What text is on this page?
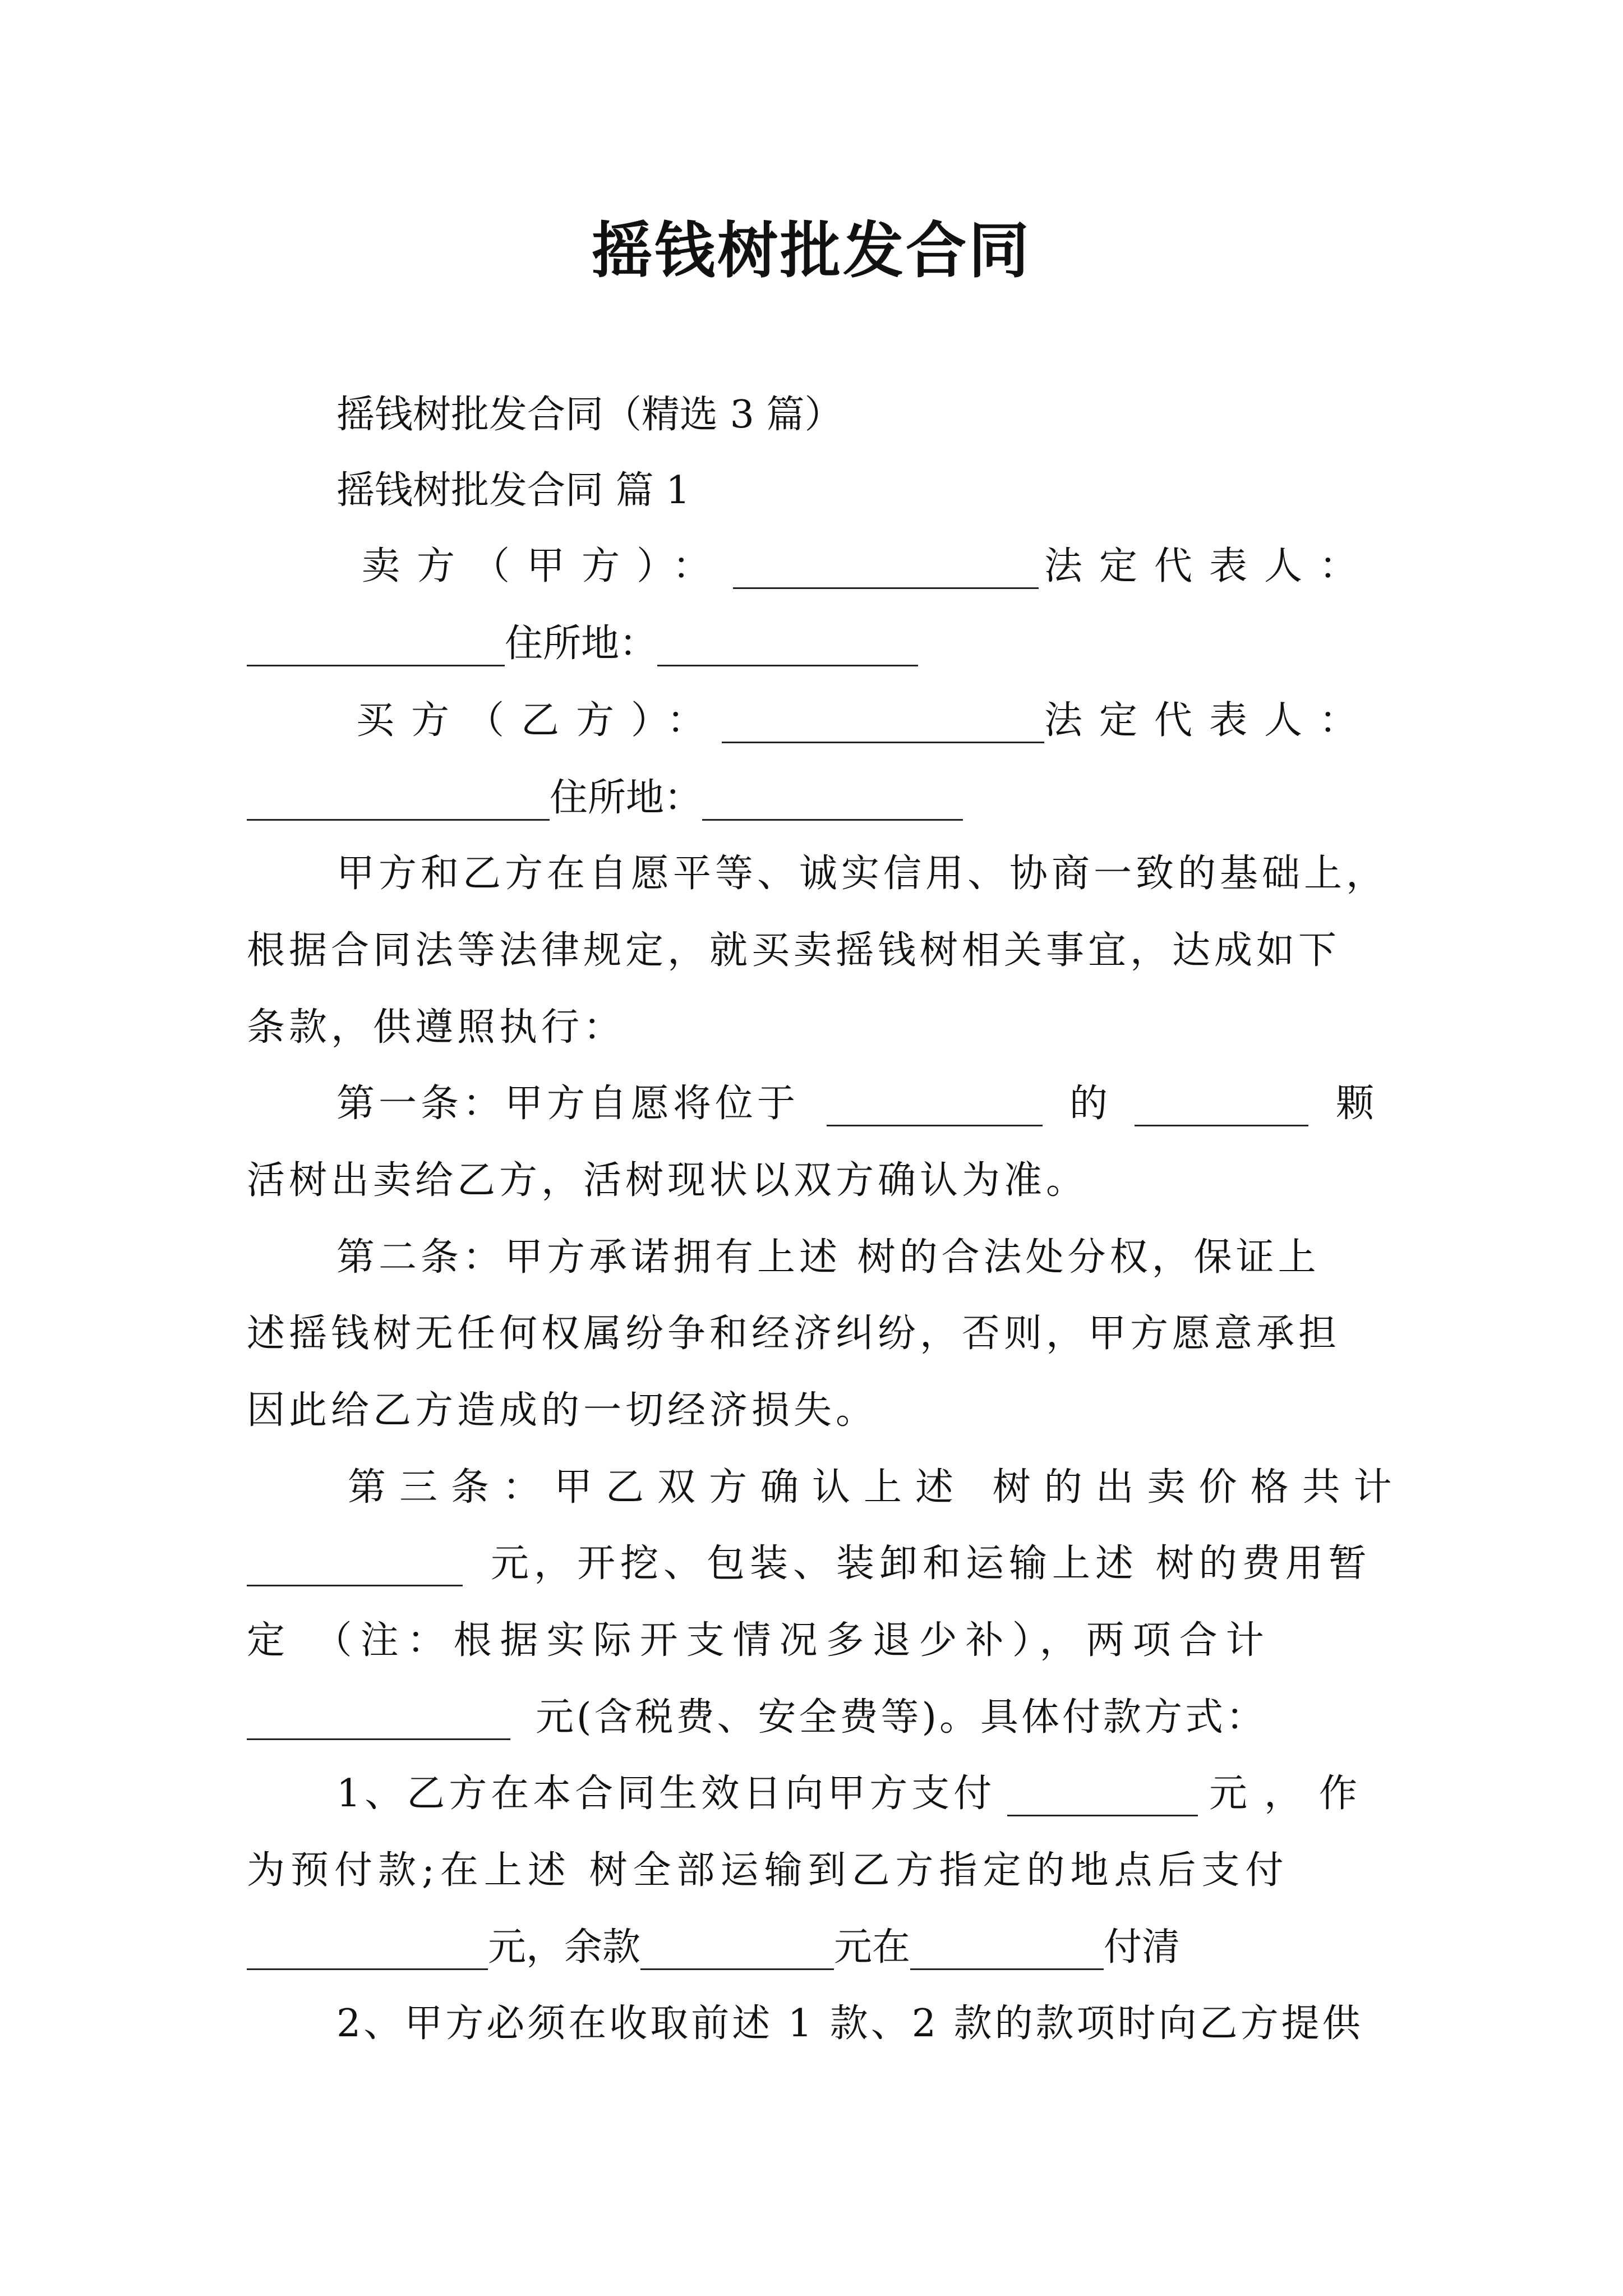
摇钱树批发合同
摇钱树批发合同（精选 3 篇）
摇钱树批发合同 篇 1
卖方（甲方）：	法定代表人：
住所地：
买方（乙方）：	法定代表人：
住所地：
甲方和乙方在自愿平等、诚实信用、协商一致的基础上，
根据合同法等法律规定，就买卖摇钱树相关事宜，达成如下
条款，供遵照执行：
第一条：甲方自愿将位于	的	颗
活树出卖给乙方，活树现状以双方确认为准。
第二条：甲方承诺拥有上述 树的合法处分权，保证上
述摇钱树无任何权属纷争和经济纠纷，否则，甲方愿意承担
因此给乙方造成的一切经济损失。
第三条：甲乙双方确认上述 树的出卖价格共计
元，开挖、包装、装卸和运输上述 树的费用暂
定 （注：根据实际开支情况多退少补），两项合计
元(含税费、安全费等)。具体付款方式：
1、乙方在本合同生效日向甲方支付	元，作
为预付款;在上述 树全部运输到乙方指定的地点后支付
元，余款	元在	付清
2、甲方必须在收取前述 1 款、2 款的款项时向乙方提供
